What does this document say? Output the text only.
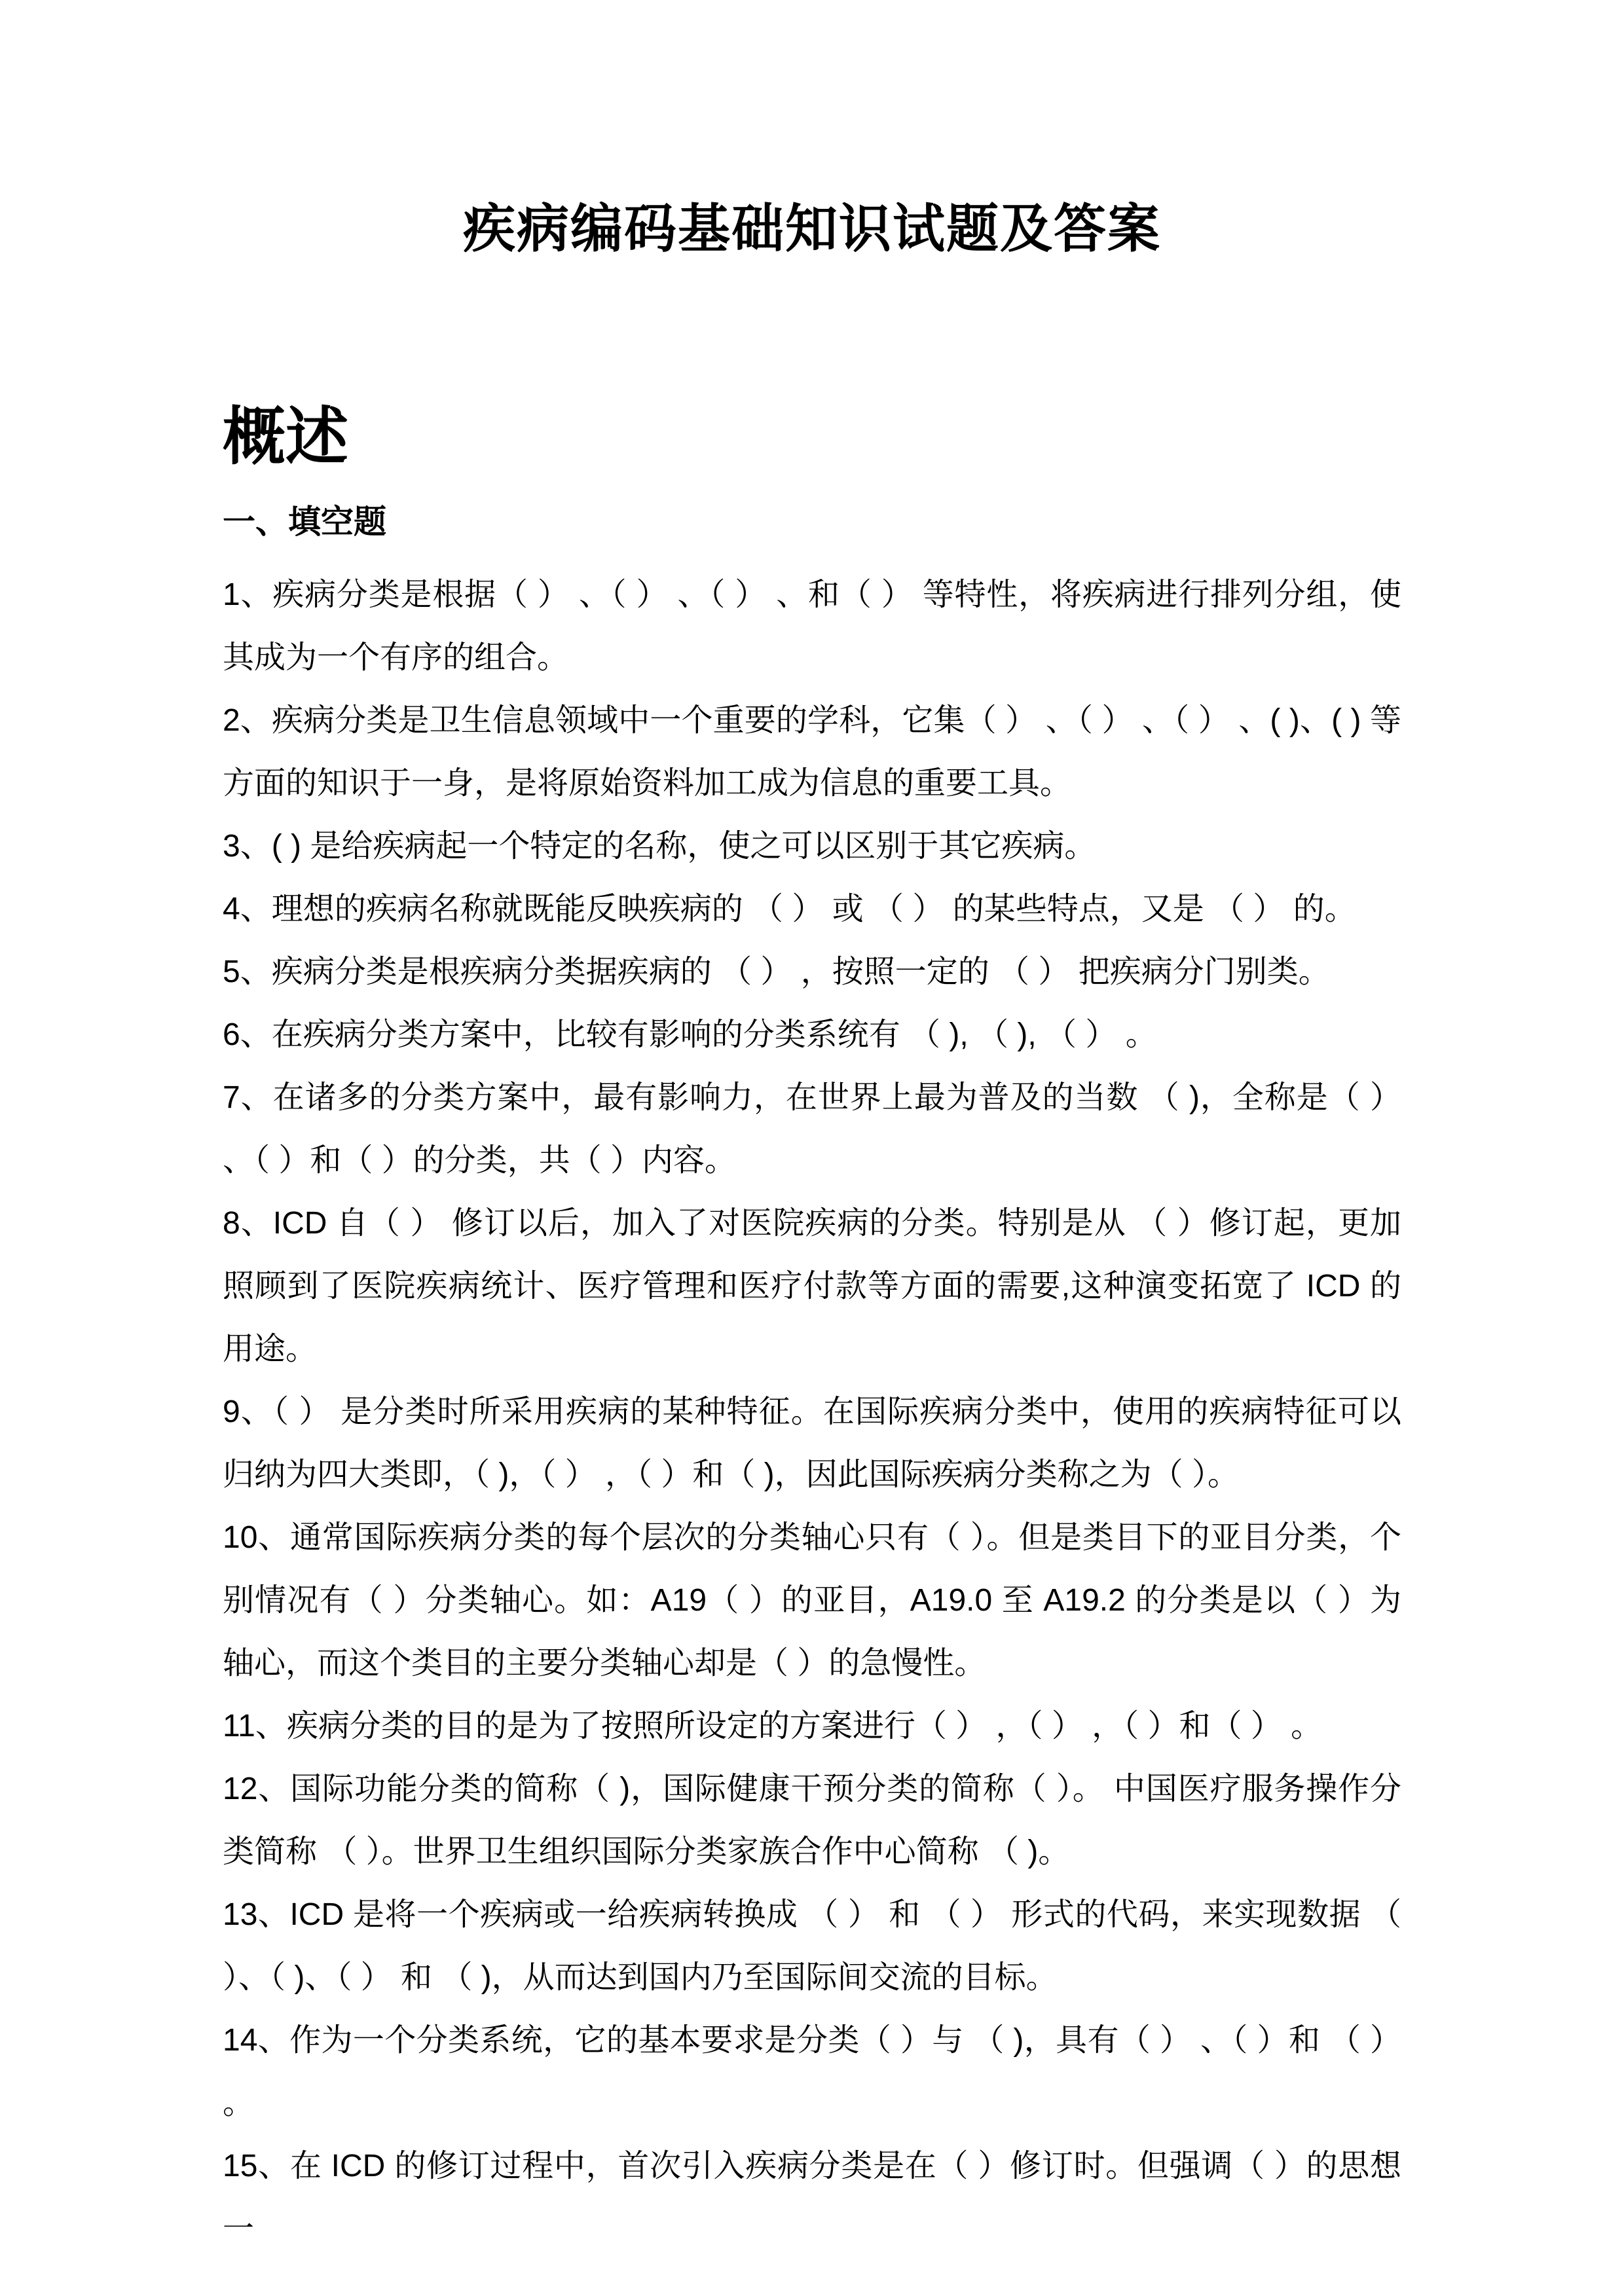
疾病编码基础知识试题及答案
概述
一、填空题

1、疾病分类是根据（ ） 、（ ） 、（ ） 、和（ ） 等特性，将疾病进行排列分组，使其成为一个有序的组合。

2、疾病分类是卫生信息领域中一个重要的学科，它集（ ） 、（ ） 、（ ） 、( )、( ) 等方面的知识于一身，是将原始资料加工成为信息的重要工具。

3、( ) 是给疾病起一个特定的名称，使之可以区别于其它疾病。

4、理想的疾病名称就既能反映疾病的 （ ） 或 （ ） 的某些特点，又是 （ ） 的。

5、疾病分类是根疾病分类据疾病的 （ ） ，按照一定的 （ ） 把疾病分门别类。

6、在疾病分类方案中，比较有影响的分类系统有 （ ), （ ), （ ） 。

7、在诸多的分类方案中，最有影响力，在世界上最为普及的当数 （ )，全称是（ ） 、（ ）和（ ）的分类，共（ ）内容。

8、ICD 自（ ） 修订以后，加入了对医院疾病的分类。特别是从 （ ）修订起，更加照顾到了医院疾病统计、医疗管理和医疗付款等方面的需要,这种演变拓宽了 ICD 的用途。

9、（ ） 是分类时所采用疾病的某种特征。在国际疾病分类中，使用的疾病特征可以归纳为四大类即，（ )，（ ） ，（ ）和（ )，因此国际疾病分类称之为（ ）。

10、通常国际疾病分类的每个层次的分类轴心只有（ ）。但是类目下的亚目分类，个别情况有（ ）分类轴心。如：A19（ ）的亚目，A19.0 至 A19.2 的分类是以（ ）为轴心，而这个类目的主要分类轴心却是（ ）的急慢性。

11、疾病分类的目的是为了按照所设定的方案进行（ ） ，（ ） ，（ ）和（ ） 。

12、国际功能分类的简称（ )，国际健康干预分类的简称（ ）。 中国医疗服务操作分类简称 （ ）。世界卫生组织国际分类家族合作中心简称 （ )。

13、ICD 是将一个疾病或一给疾病转换成 （ ） 和 （ ） 形式的代码，来实现数据 （ ）、（ )、（ ） 和 （ )，从而达到国内乃至国际间交流的目标。

14、作为一个分类系统，它的基本要求是分类（ ）与 （ )，具有（ ） 、（ ）和 （ ） 。

15、在 ICD 的修订过程中，首次引入疾病分类是在（ ）修订时。但强调（ ）的思想一
